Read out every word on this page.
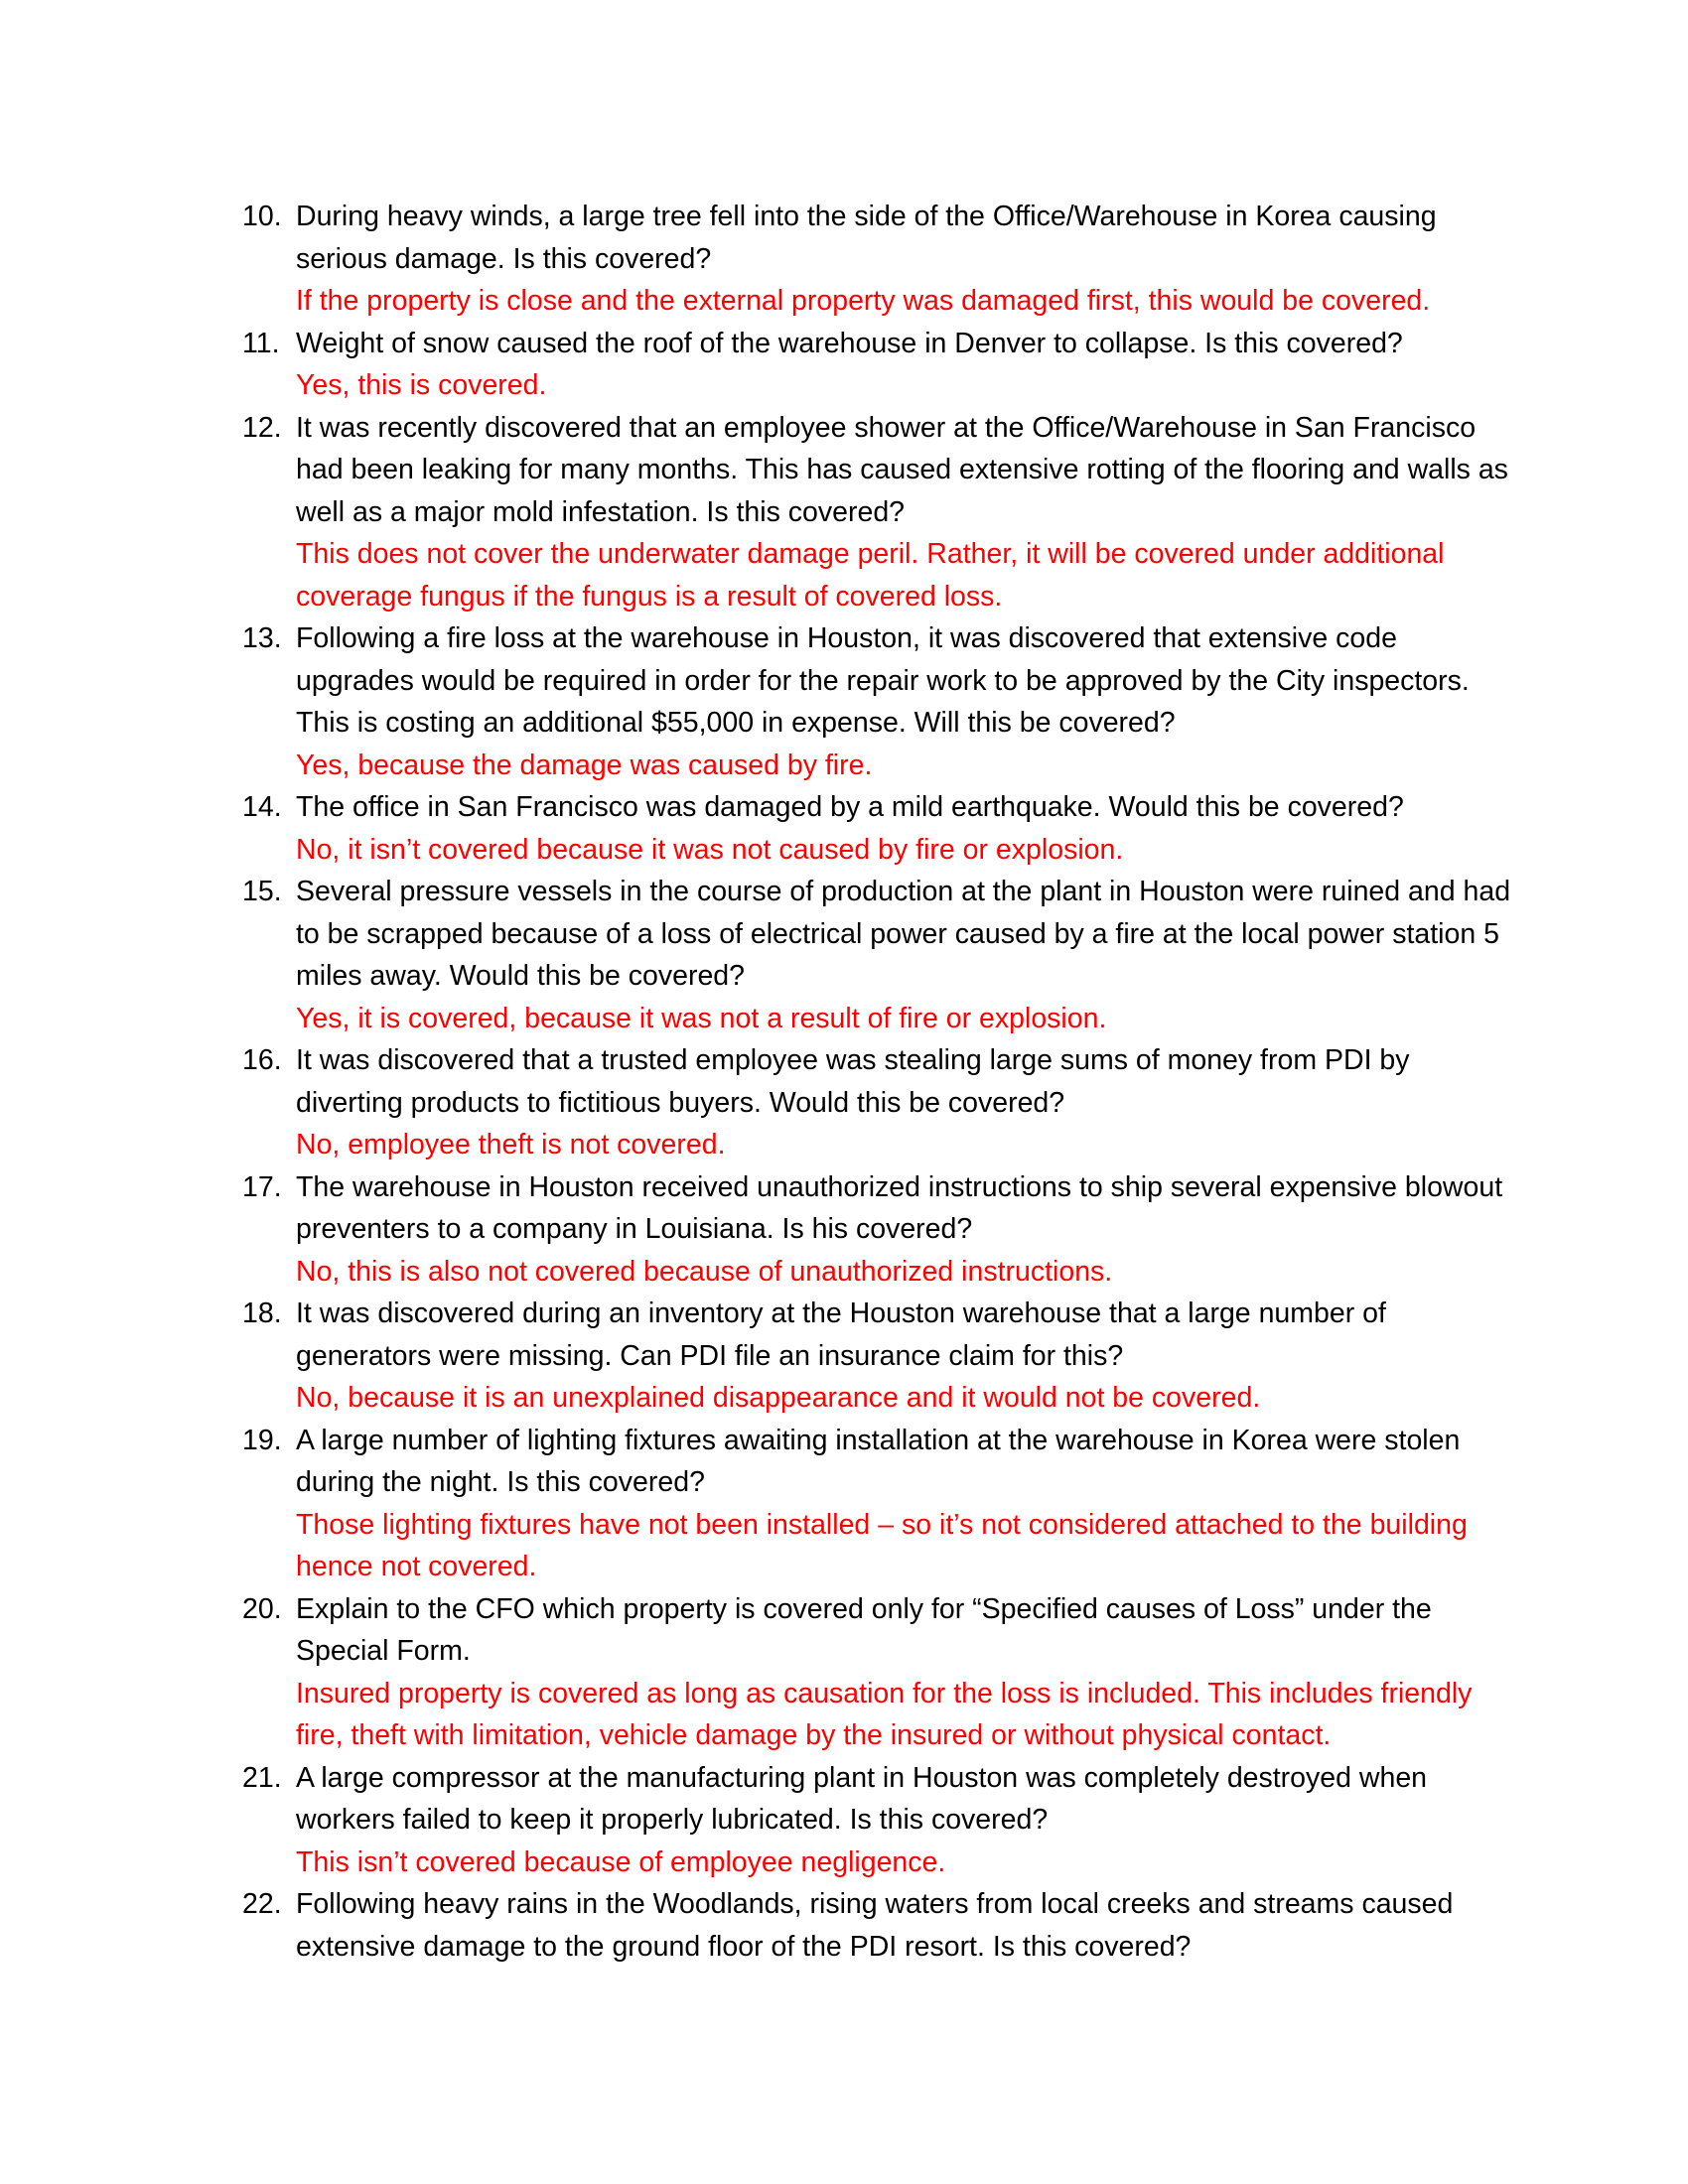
10. During heavy winds, a large tree fell into the side of the Office/Warehouse in Korea causing serious damage. Is this covered?
If the property is close and the external property was damaged first, this would be covered.
11. Weight of snow caused the roof of the warehouse in Denver to collapse. Is this covered?
Yes, this is covered.
12. It was recently discovered that an employee shower at the Office/Warehouse in San Francisco had been leaking for many months. This has caused extensive rotting of the flooring and walls as well as a major mold infestation. Is this covered?
This does not cover the underwater damage peril. Rather, it will be covered under additional coverage fungus if the fungus is a result of covered loss.
13. Following a fire loss at the warehouse in Houston, it was discovered that extensive code upgrades would be required in order for the repair work to be approved by the City inspectors. This is costing an additional $55,000 in expense. Will this be covered?
Yes, because the damage was caused by fire.
14. The office in San Francisco was damaged by a mild earthquake. Would this be covered?
No, it isn’t covered because it was not caused by fire or explosion.
15. Several pressure vessels in the course of production at the plant in Houston were ruined and had to be scrapped because of a loss of electrical power caused by a fire at the local power station 5 miles away. Would this be covered?
Yes, it is covered, because it was not a result of fire or explosion.
16. It was discovered that a trusted employee was stealing large sums of money from PDI by diverting products to fictitious buyers. Would this be covered?
No, employee theft is not covered.
17. The warehouse in Houston received unauthorized instructions to ship several expensive blowout preventers to a company in Louisiana. Is his covered?
No, this is also not covered because of unauthorized instructions.
18. It was discovered during an inventory at the Houston warehouse that a large number of generators were missing. Can PDI file an insurance claim for this?
No, because it is an unexplained disappearance and it would not be covered.
19. A large number of lighting fixtures awaiting installation at the warehouse in Korea were stolen during the night. Is this covered?
Those lighting fixtures have not been installed – so it’s not considered attached to the building hence not covered.
20. Explain to the CFO which property is covered only for “Specified causes of Loss” under the Special Form.
Insured property is covered as long as causation for the loss is included. This includes friendly fire, theft with limitation, vehicle damage by the insured or without physical contact.
21. A large compressor at the manufacturing plant in Houston was completely destroyed when workers failed to keep it properly lubricated. Is this covered?
This isn’t covered because of employee negligence.
22. Following heavy rains in the Woodlands, rising waters from local creeks and streams caused extensive damage to the ground floor of the PDI resort. Is this covered?
